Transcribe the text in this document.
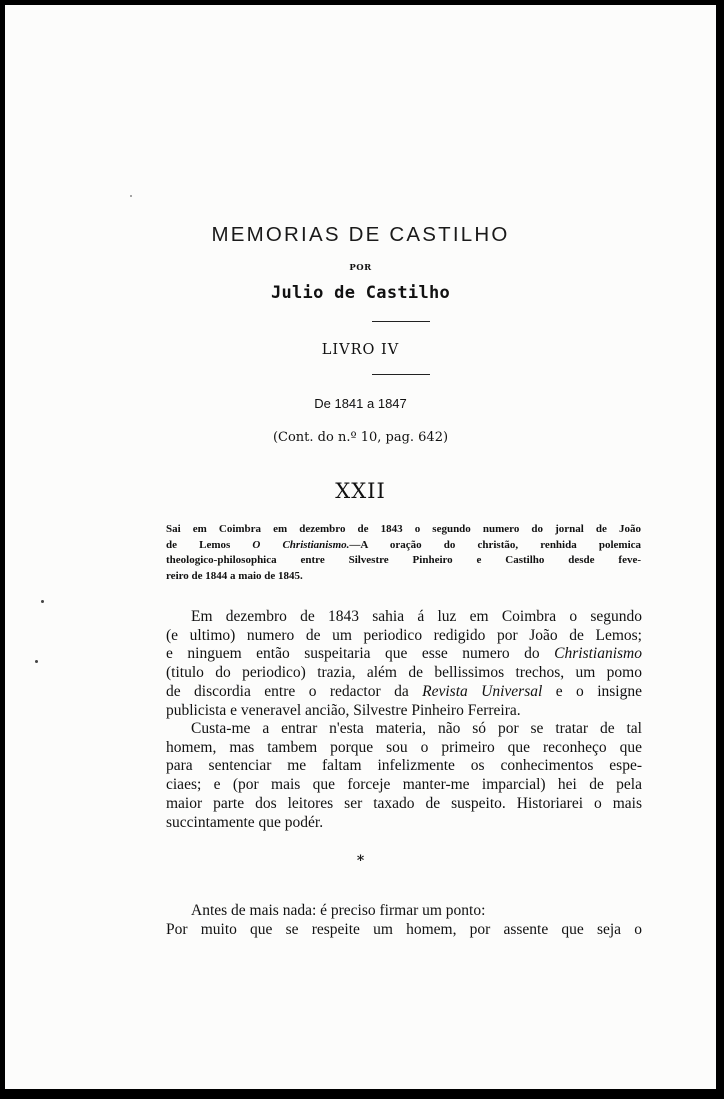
MEMORIAS DE CASTILHO
POR
Julio de Castilho
LIVRO IV
De 1841 a 1847
(Cont. do n.º 10, pag. 642)
XXII
Sai em Coimbra em dezembro de 1843 o segundo numero do jornal de João
de Lemos O Christianismo.—A oração do christão, renhida polemica
theologico-philosophica entre Silvestre Pinheiro e Castilho desde feve-
reiro de 1844 a maio de 1845.
Em dezembro de 1843 sahia á luz em Coimbra o segundo
(e ultimo) numero de um periodico redigido por João de Lemos;
e ninguem então suspeitaria que esse numero do Christianismo
(titulo do periodico) trazia, além de bellissimos trechos, um pomo
de discordia entre o redactor da Revista Universal e o insigne
publicista e veneravel ancião, Silvestre Pinheiro Ferreira.
Custa-me a entrar n'esta materia, não só por se tratar de tal
homem, mas tambem porque sou o primeiro que reconheço que
para sentenciar me faltam infelizmente os conhecimentos espe-
ciaes; e (por mais que forceje manter-me imparcial) hei de pela
maior parte dos leitores ser taxado de suspeito. Historiarei o mais
succintamente que podér.
*
Antes de mais nada: é preciso firmar um ponto:
Por muito que se respeite um homem, por assente que seja o
